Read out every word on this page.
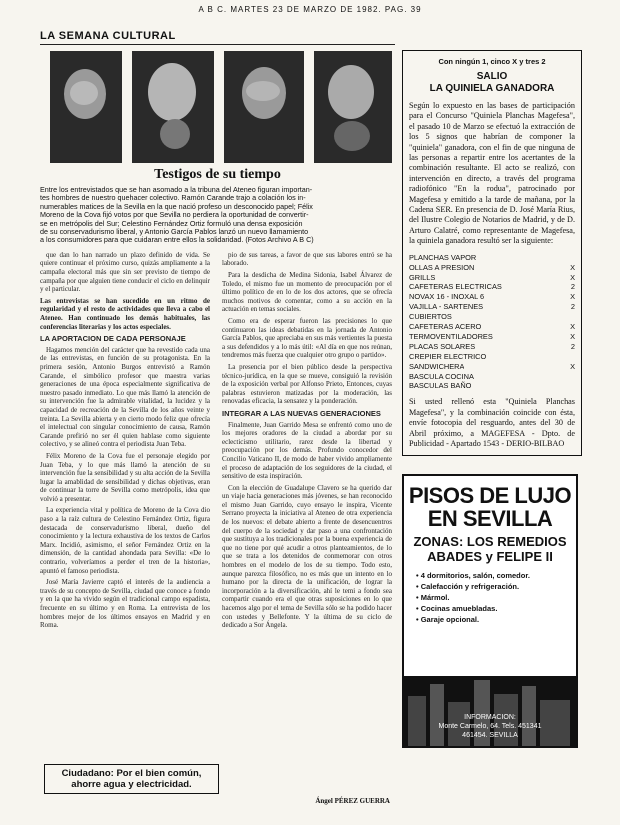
A B C. MARTES 23 DE MARZO DE 1982. PAG. 39
LA SEMANA CULTURAL
Testigos de su tiempo
Entre los entrevistados que se han asomado a la tribuna del Ateneo figuran importan-
tes hombres de nuestro quehacer colectivo. Ramón Carande trajo a colación los in-
numerables matices de la Sevilla en la que nació profeso un desconocido papel; Félix
Moreno de la Cova fijó votos por que Sevilla no perdiera la oportunidad de convertir-
se en metrópolis del Sur; Celestino Fernández Ortiz formuló una densa exposición
de su conservadurismo liberal, y Antonio García Pablos lanzó un nuevo llamamiento
a los consumidores para que cuidaran entre ellos la solidaridad. (Fotos Archivo A B C)

que dan lo han narrado un plazo definido de vida. Se quiere continuar el próximo curso, quizás ampliamente a la campaña electoral más que sin ser previsto de tiempo de campaña por que alguien tiene conducir el ciclo en delinquir y el particular.

Las entrevistas se han sucedido en un ritmo de regularidad y el resto de actividades que lleva a cabo el Ateneo. Han continuado los demás habituales, las conferencias literarias y los actos especiales.

LA APORTACION DE CADA PERSONAJE

Hagamos mención del carácter que ha revestido cada una de las entrevistas, en función de su protagonista. En la primera sesión, Antonio Burgos entrevistó a Ramón Carande, el simbólico profesor que maestra varias generaciones de una época especialmente significativa de nuestro pasado inmediato. Lo que más llamó la atención de su intervención fue la admirable vitalidad, la lucidez y la capacidad de recreación de la Sevilla de los años veinte y treinta. La Sevilla abierta y en cierto modo feliz que ofrecía el intelectual con singular conocimiento de causa, Ramón Carande prefirió no ser él quien hablase como siguiente colectivo, y se alineó contra el periodista Juan Teba.

Félix Moreno de la Cova fue el personaje elegido por Juan Teba, y lo que más llamó la atención de su intervención fue la sensibilidad y su alta acción de la Sevilla lugar la amablidad de sensibilidad y dichas objetivas, eran de continuar la torre de Sevilla como metrópolis, idea que volvió a presentar.

La experiencia vital y política de Moreno de la Cova dio paso a la raíz cultura de Celestino Fernández Ortiz, figura destacada de conservadurismo liberal, dueño del conocimiento y la lectura exhaustiva de los textos de Carlos Marx. Incidió, asimismo, el señor Fernández Ortiz en la dimensión, de la cantidad ahondada para Sevilla: «De lo contrario, volveríamos a perder el tren de la historia», apuntó el famoso periodista.

José María Javierre captó el interés de la audiencia a través de su concepto de Sevilla, ciudad que conoce a fondo y en la que ha vivido según el tradicional campo espadista, frecuente en su último y en Roma. La entrevista de los hombres mejor de los últimos ensayos en Madrid y en Roma.

pio de sus tareas, a favor de que sus labores entró se ha laborado.

Para la desdicha de Medina Sidonia, Isabel Álvarez de Toledo, el mismo fue un momento de preocupación por el último político de en lo de los dos actores, que se ofrecía muchos motivos de comentar, como a su acción en la actuación en temas sociales.

Como era de esperar fueron las precisiones lo que continuaron las ideas debatidas en la jornada de Antonio García Pablos, que apreciaba en sus más vertientes la puesta a sus defendidos y a lo más útil: «Al día en que nos reúnan, tendremos más fuerza que cualquier otro grupo o partido».

La presencia por el bien público desde la perspectiva técnico-jurídica, en la que se mueve, consiguió la revisión de la exposición verbal por Alfonso Prieto, Entonces, cuyas palabras estuvieron matizadas por la moderación, las renovadas eficacia, la sensatez y la ponderación.

INTEGRAR A LAS NUEVAS GENERACIONES

Finalmente, Juan Garrido Mesa se enfrentó como uno de los mejores oradores de la ciudad a abordar por su eclecticismo utilitario, rarez desde la libertad y preocupación por los demás. Profundo conocedor del Concilio Vaticano II, de modo de haber vivido ampliamente el proceso de adaptación de los seguidores de la ciudad, el sensitivo de esta inspiración.

Con la elección de Guadalupe Clavero se ha querido dar un viaje hacia generaciones más jóvenes, se han reconocido el mismo Juan Garrido, cuyo ensayo le inspira, Vicente Serrano proyecta la iniciativa al Ateneo de otra experiencia de los nuevos: el debate abierto a frente de desencuentros del cuerpo de la sociedad y dar paso a una confrontación que sustituya a los tradicionales por la buena experiencia de que no tiene por qué acudir a otros planteamientos, de lo que se trata a los detenidos de conmemorar con otros hombres en el modelo de los de su tiempo. Todo esto, aunque parezca filosófico, no es más que un intento en lo humano por la directa de la unificación, de lograr la incorporación a la diversificación, ahí le temi a fondo sea compartir cuando era el que otras suposiciones en lo que hacemos algo por el tema de Sevilla sólo se ha podido hacer con ustedes y Bellefonte. Y la última de su ciclo de dedicado a Sor Ángela.

Ciudadano: Por el bien común,
ahorre agua y electricidad.
Ángel PÉREZ GUERRA
Con ningún 1, cinco X y tres 2
SALIO
LA QUINIELA GANADORA
Según lo expuesto en las bases de participación para el Concurso "Quiniela Planchas Magefesa", el pasado 10 de Marzo se efectuó la extracción de los 5 signos que habrían de componer la "quiniela" ganadora, con el fin de que ninguna de las personas a repartir entre los acertantes de la combinación resultante. El acto se realizó, con intervención en directo, a través del programa radiofónico "En la rodua", patrocinado por Magefesa y emitido a la tarde de mañana, por la Cadena SER. En presencia de D. José María Rius, del Ilustre Colegio de Notarios de Madrid, y de D. Arturo Calatré, como representante de Magefesa, la quiniela ganadora resultó ser la siguiente:
PLANCHAS VAPOR
OLLAS A PRESION	X
GRILLS	X
CAFETERAS ELECTRICAS	2
NOVAX 16 - INOXAL 6	X
VAJILLA - SARTENES	2
CUBIERTOS
CAFETERAS ACERO	X
TERMOVENTILADORES	X
PLACAS SOLARES	2
CREPIER ELECTRICO
SANDWICHERA	X
BASCULA COCINA
BASCULAS BAÑO
Si usted rellenó esta "Quiniela Planchas Magefesa", y la combinación coincide con ésta, envíe fotocopia del resguardo, antes del 30 de Abril próximo, a MAGEFESA - Dpto. de Publicidad - Apartado 1543 - DERIO-BILBAO
PISOS DE LUJO EN SEVILLA
ZONAS: LOS REMEDIOS ABADES y FELIPE II
• 4 dormitorios, salón, comedor.
• Calefacción y refrigeración.
• Mármol.
• Cocinas amuebladas.
• Garaje opcional.
INFORMACION:
Monte Carmelo, 64. Tels. 451341
461454. SEVILLA
